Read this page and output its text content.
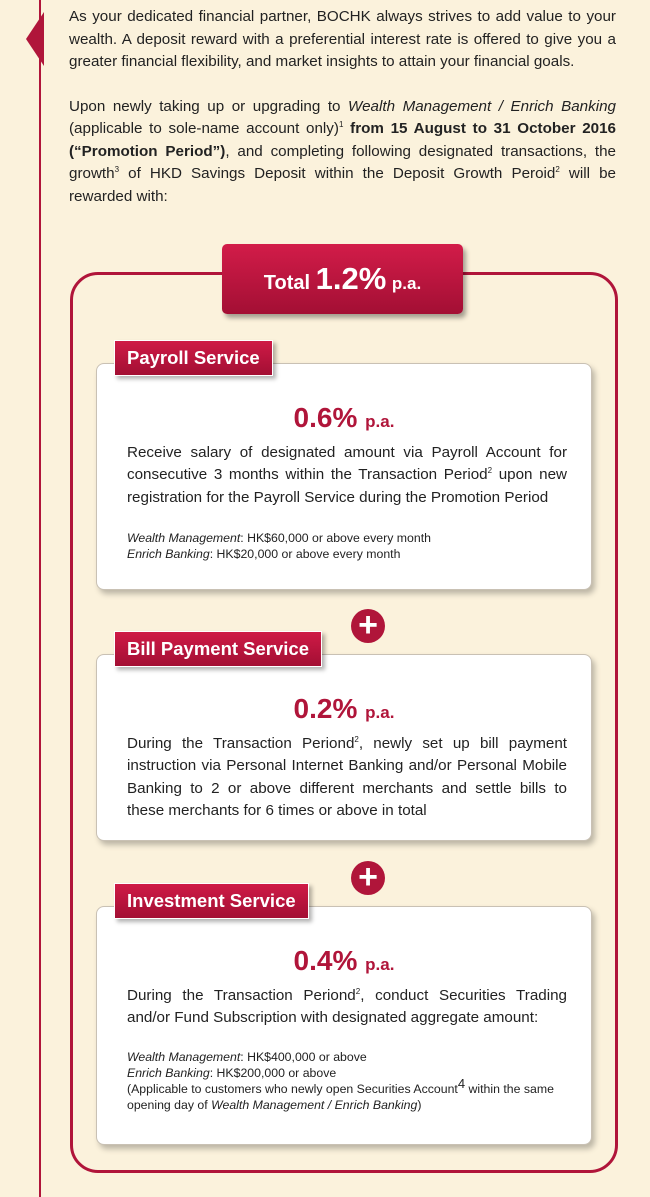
As your dedicated financial partner, BOCHK always strives to add value to your wealth. A deposit reward with a preferential interest rate is offered to give you a greater financial flexibility, and market insights to attain your financial goals.

Upon newly taking up or upgrading to Wealth Management / Enrich Banking (applicable to sole-name account only)$^1$ from 15 August to 31 October 2016 (“Promotion Period”), and completing following designated transactions, the growth$^3$ of HKD Savings Deposit within the Deposit Growth Peroid$^2$ will be rewarded with:

Total 1.2% p.a.
0.6% p.a.
Receive salary of designated amount via Payroll Account for consecutive 3 months within the Transaction Period$^2$ upon new registration for the Payroll Service during the Promotion Period
Wealth Management: HK$60,000 or above every month
Enrich Banking: HK$20,000 or above every month
Payroll Service
+
0.2% p.a.
During the Transaction Periond$^2$, newly set up bill payment instruction via Personal Internet Banking and/or Personal Mobile Banking to 2 or above different merchants and settle bills to these merchants for 6 times or above in total
Bill Payment Service
+
0.4% p.a.
During the Transaction Periond$^2$, conduct Securities Trading and/or Fund Subscription with designated aggregate amount:
Wealth Management: HK$400,000 or above
Enrich Banking: HK$200,000 or above
(Applicable to customers who newly open Securities Account$^4$ within the same opening day of Wealth Management / Enrich Banking)
Investment Service
